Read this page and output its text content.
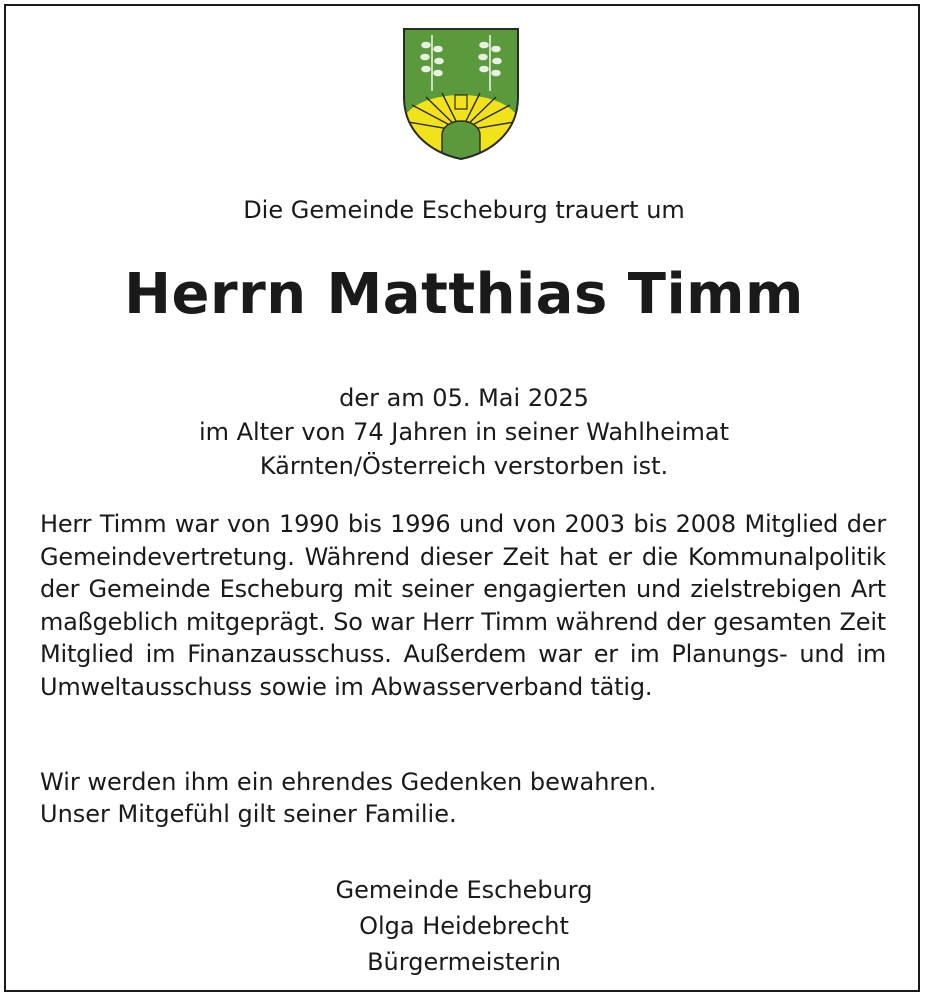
Die Gemeinde Escheburg trauert um

Herrn Matthias Timm
der am 05. Mai 2025
im Alter von 74 Jahren in seiner Wahlheimat
Kärnten/Österreich verstorben ist.

Herr Timm war von 1990 bis 1996 und von 2003 bis 2008 Mitglied der Gemeindevertretung. Während dieser Zeit hat er die Kommunalpolitik der Gemeinde Escheburg mit seiner engagierten und zielstrebigen Art maßgeblich mitgeprägt. So war Herr Timm während der gesamten Zeit Mitglied im Finanzausschuss. Außerdem war er im Planungs- und im Umweltausschuss sowie im Abwasserverband tätig.

Wir werden ihm ein ehrendes Gedenken bewahren.
Unser Mitgefühl gilt seiner Familie.
Gemeinde Escheburg
Olga Heidebrecht
Bürgermeisterin
